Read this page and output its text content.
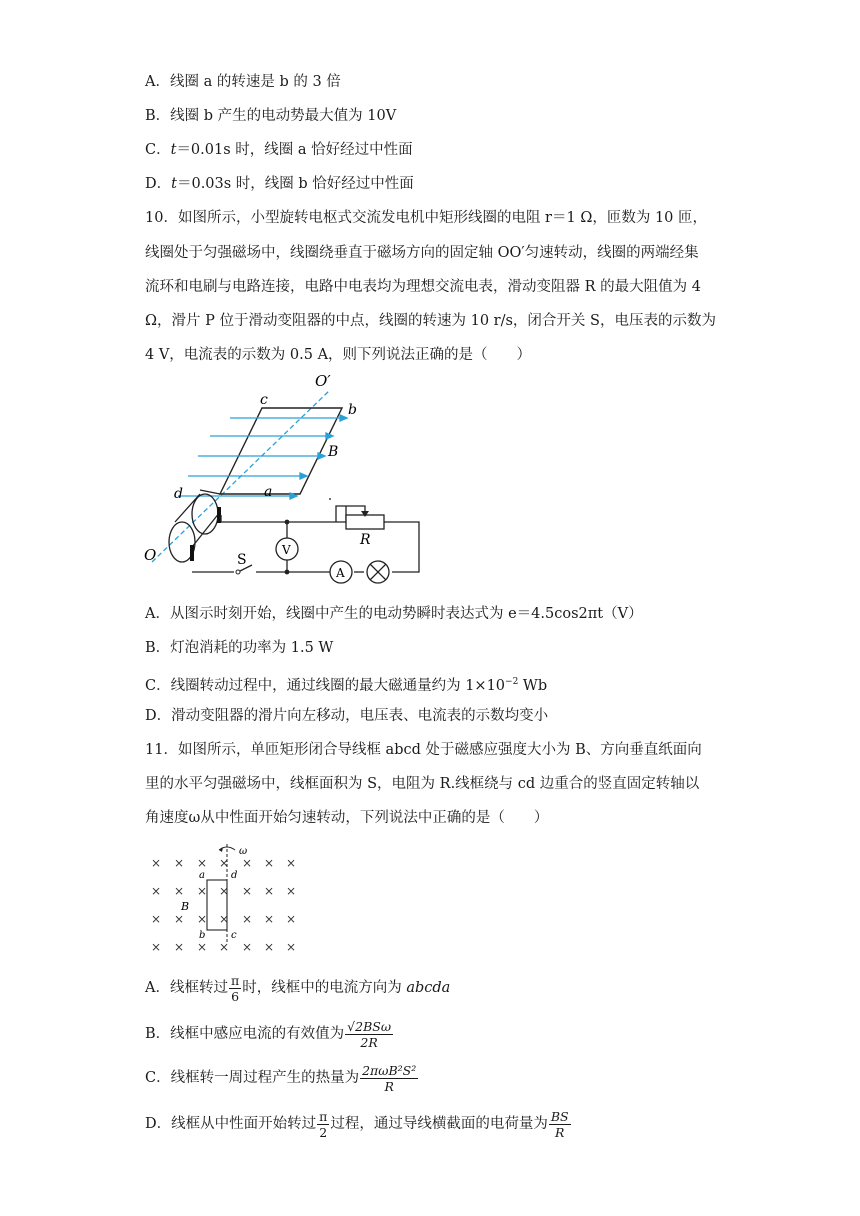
A．线圈 a 的转速是 b 的 3 倍
B．线圈 b 产生的电动势最大值为 10V
C．t＝0.01s 时，线圈 a 恰好经过中性面
D．t＝0.03s 时，线圈 b 恰好经过中性面
10．如图所示，小型旋转电枢式交流发电机中矩形线圈的电阻 r＝1 Ω，匝数为 10 匝，
线圈处于匀强磁场中，线圈绕垂直于磁场方向的固定轴 OO′匀速转动，线圈的两端经集
流环和电刷与电路连接，电路中电表均为理想交流电表，滑动变阻器 R 的最大阻值为 4
Ω，滑片 P 位于滑动变阻器的中点，线圈的转速为 10 r/s，闭合开关 S，电压表的示数为
4 V，电流表的示数为 0.5 A，则下列说法正确的是（　　）
O′
O
c
b
B
a
d
R
S
V
A
A．从图示时刻开始，线圈中产生的电动势瞬时表达式为 e＝4.5cos2πt（V）
B．灯泡消耗的功率为 1.5 W
C．线圈转动过程中，通过线圈的最大磁通量约为 $1\times 10^{-2}$ Wb
D．滑动变阻器的滑片向左移动，电压表、电流表的示数均变小
11．如图所示，单匝矩形闭合导线框 abcd 处于磁感应强度大小为 B、方向垂直纸面向
里的水平匀强磁场中，线框面积为 S，电阻为 R.线框绕与 cd 边重合的竖直固定转轴以
角速度ω从中性面开始匀速转动，下列说法中正确的是（　　）
× × × × × × ×
× × × × × × ×
× × × × × × ×
× × × × × × ×
ω
a	d
b	c
B
A．线框转过 $\frac{\pi}{6}$ 时，线框中的电流方向为 abcda
B．线框中感应电流的有效值为 $\frac{\text{√2BSω}}{2R}$
C．线框转一周过程产生的热量为 $\frac{\text{2πωB²S²}}{R}$
D．线框从中性面开始转过 $\frac{\pi}{2}$ 过程，通过导线横截面的电荷量为 $\frac{BS}{R}$
